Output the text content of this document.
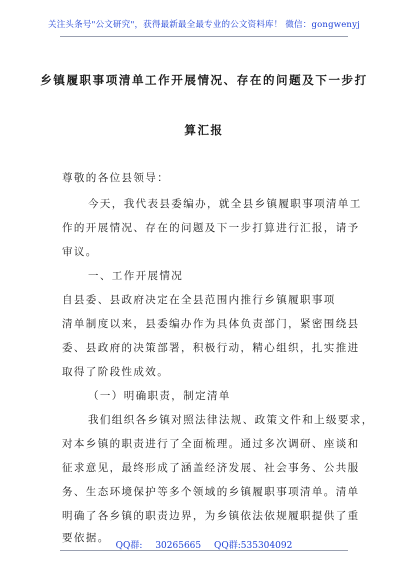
关注头条号"公文研究"，获得最新最全最专业的公文资料库！ 微信：gongwenyj
乡镇履职事项清单工作开展情况、存在的问题及下一步打
算汇报
尊敬的各位县领导：
今天，我代表县委编办，就全县乡镇履职事项清单工
作的开展情况、存在的问题及下一步打算进行汇报，请予
审议。
一、工作开展情况
自县委、县政府决定在全县范围内推行乡镇履职事项
清单制度以来，县委编办作为具体负责部门，紧密围绕县
委、县政府的决策部署，积极行动，精心组织，扎实推进
取得了阶段性成效。
（一）明确职责，制定清单
我们组织各乡镇对照法律法规、政策文件和上级要求，
对本乡镇的职责进行了全面梳理。通过多次调研、座谈和
征求意见，最终形成了涵盖经济发展、社会事务、公共服
务、生态环境保护等多个领域的乡镇履职事项清单。清单
明确了各乡镇的职责边界，为乡镇依法依规履职提供了重
要依据。
QQ群: 30265665 QQ群:535304092
